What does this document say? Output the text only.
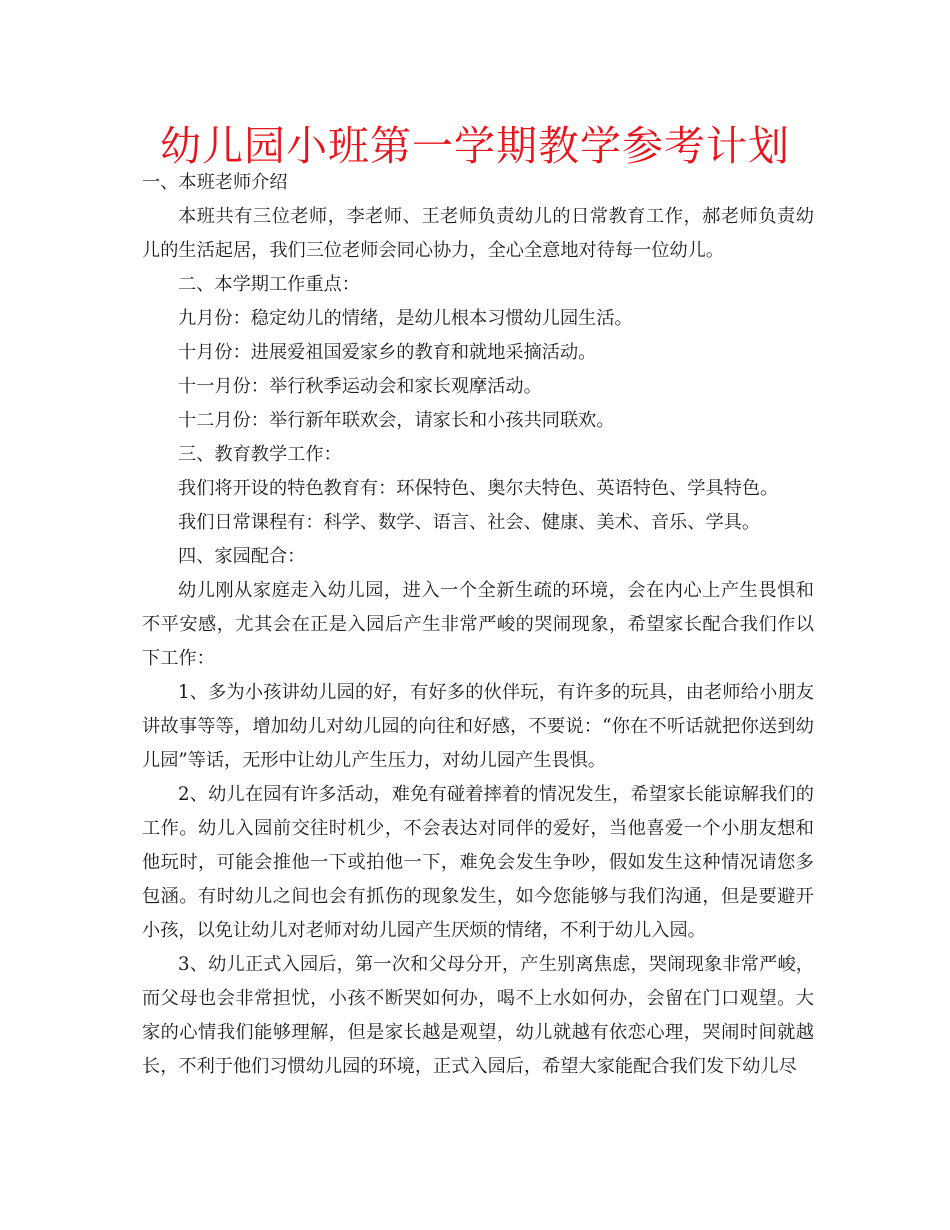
幼儿园小班第一学期教学参考计划

一、本班老师介绍

本班共有三位老师，李老师、王老师负责幼儿的日常教育工作，郝老师负责幼儿的生活起居，我们三位老师会同心协力，全心全意地对待每一位幼儿。

二、本学期工作重点：

九月份：稳定幼儿的情绪，是幼儿根本习惯幼儿园生活。

十月份：进展爱祖国爱家乡的教育和就地采摘活动。

十一月份：举行秋季运动会和家长观摩活动。

十二月份：举行新年联欢会，请家长和小孩共同联欢。

三、教育教学工作：

我们将开设的特色教育有：环保特色、奥尔夫特色、英语特色、学具特色。

我们日常课程有：科学、数学、语言、社会、健康、美术、音乐、学具。

四、家园配合：

幼儿刚从家庭走入幼儿园，进入一个全新生疏的环境，会在内心上产生畏惧和不平安感，尤其会在正是入园后产生非常严峻的哭闹现象，希望家长配合我们作以下工作：

1、多为小孩讲幼儿园的好，有好多的伙伴玩，有许多的玩具，由老师给小朋友讲故事等等，增加幼儿对幼儿园的向往和好感，不要说：“你在不听话就把你送到幼儿园”等话，无形中让幼儿产生压力，对幼儿园产生畏惧。

2、幼儿在园有许多活动，难免有碰着摔着的情况发生，希望家长能谅解我们的工作。幼儿入园前交往时机少，不会表达对同伴的爱好，当他喜爱一个小朋友想和他玩时，可能会推他一下或拍他一下，难免会发生争吵，假如发生这种情况请您多包涵。有时幼儿之间也会有抓伤的现象发生，如今您能够与我们沟通，但是要避开小孩，以免让幼儿对老师对幼儿园产生厌烦的情绪，不利于幼儿入园。

3、幼儿正式入园后，第一次和父母分开，产生别离焦虑，哭闹现象非常严峻，而父母也会非常担忧，小孩不断哭如何办，喝不上水如何办，会留在门口观望。大家的心情我们能够理解，但是家长越是观望，幼儿就越有依恋心理，哭闹时间就越长，不利于他们习惯幼儿园的环境，正式入园后，希望大家能配合我们发下幼儿尽
